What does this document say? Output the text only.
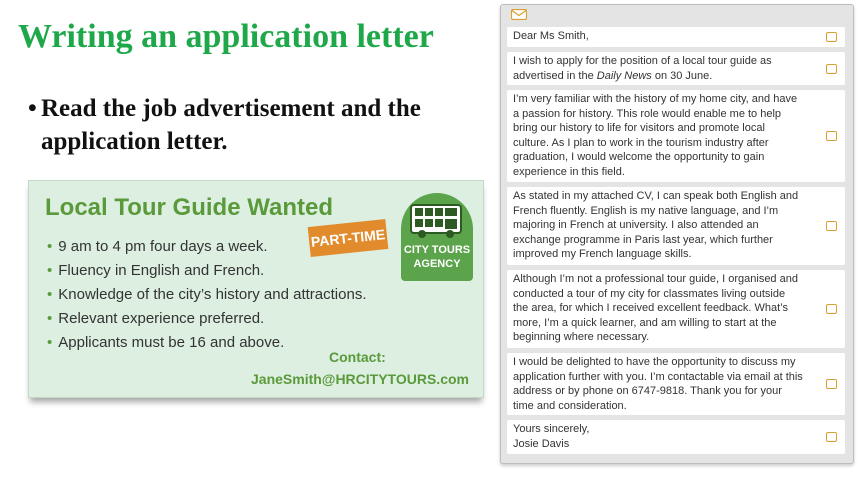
Writing an application letter
• Read the job advertisement and the application letter.
Local Tour Guide Wanted
PART-TIME
CITY TOURS
AGENCY
• 9 am to 4 pm four days a week.
• Fluency in English and French.
• Knowledge of the city’s history and attractions.
• Relevant experience preferred.
• Applicants must be 16 and above.
Contact:
JaneSmith@HRCITYTOURS.com
Dear Ms Smith,
I wish to apply for the position of a local tour guide as advertised in the Daily News on 30 June.
I’m very familiar with the history of my home city, and have a passion for history. This role would enable me to help bring our history to life for visitors and promote local culture. As I plan to work in the tourism industry after graduation, I would welcome the opportunity to gain experience in this field.
As stated in my attached CV, I can speak both English and French fluently. English is my native language, and I’m majoring in French at university. I also attended an exchange programme in Paris last year, which further improved my French language skills.
Although I’m not a professional tour guide, I organised and conducted a tour of my city for classmates living outside the area, for which I received excellent feedback. What’s more, I’m a quick learner, and am willing to start at the beginning where necessary.
I would be delighted to have the opportunity to discuss my application further with you. I’m contactable via email at this address or by phone on 6747-9818. Thank you for your time and consideration.
Yours sincerely,
Josie Davis
